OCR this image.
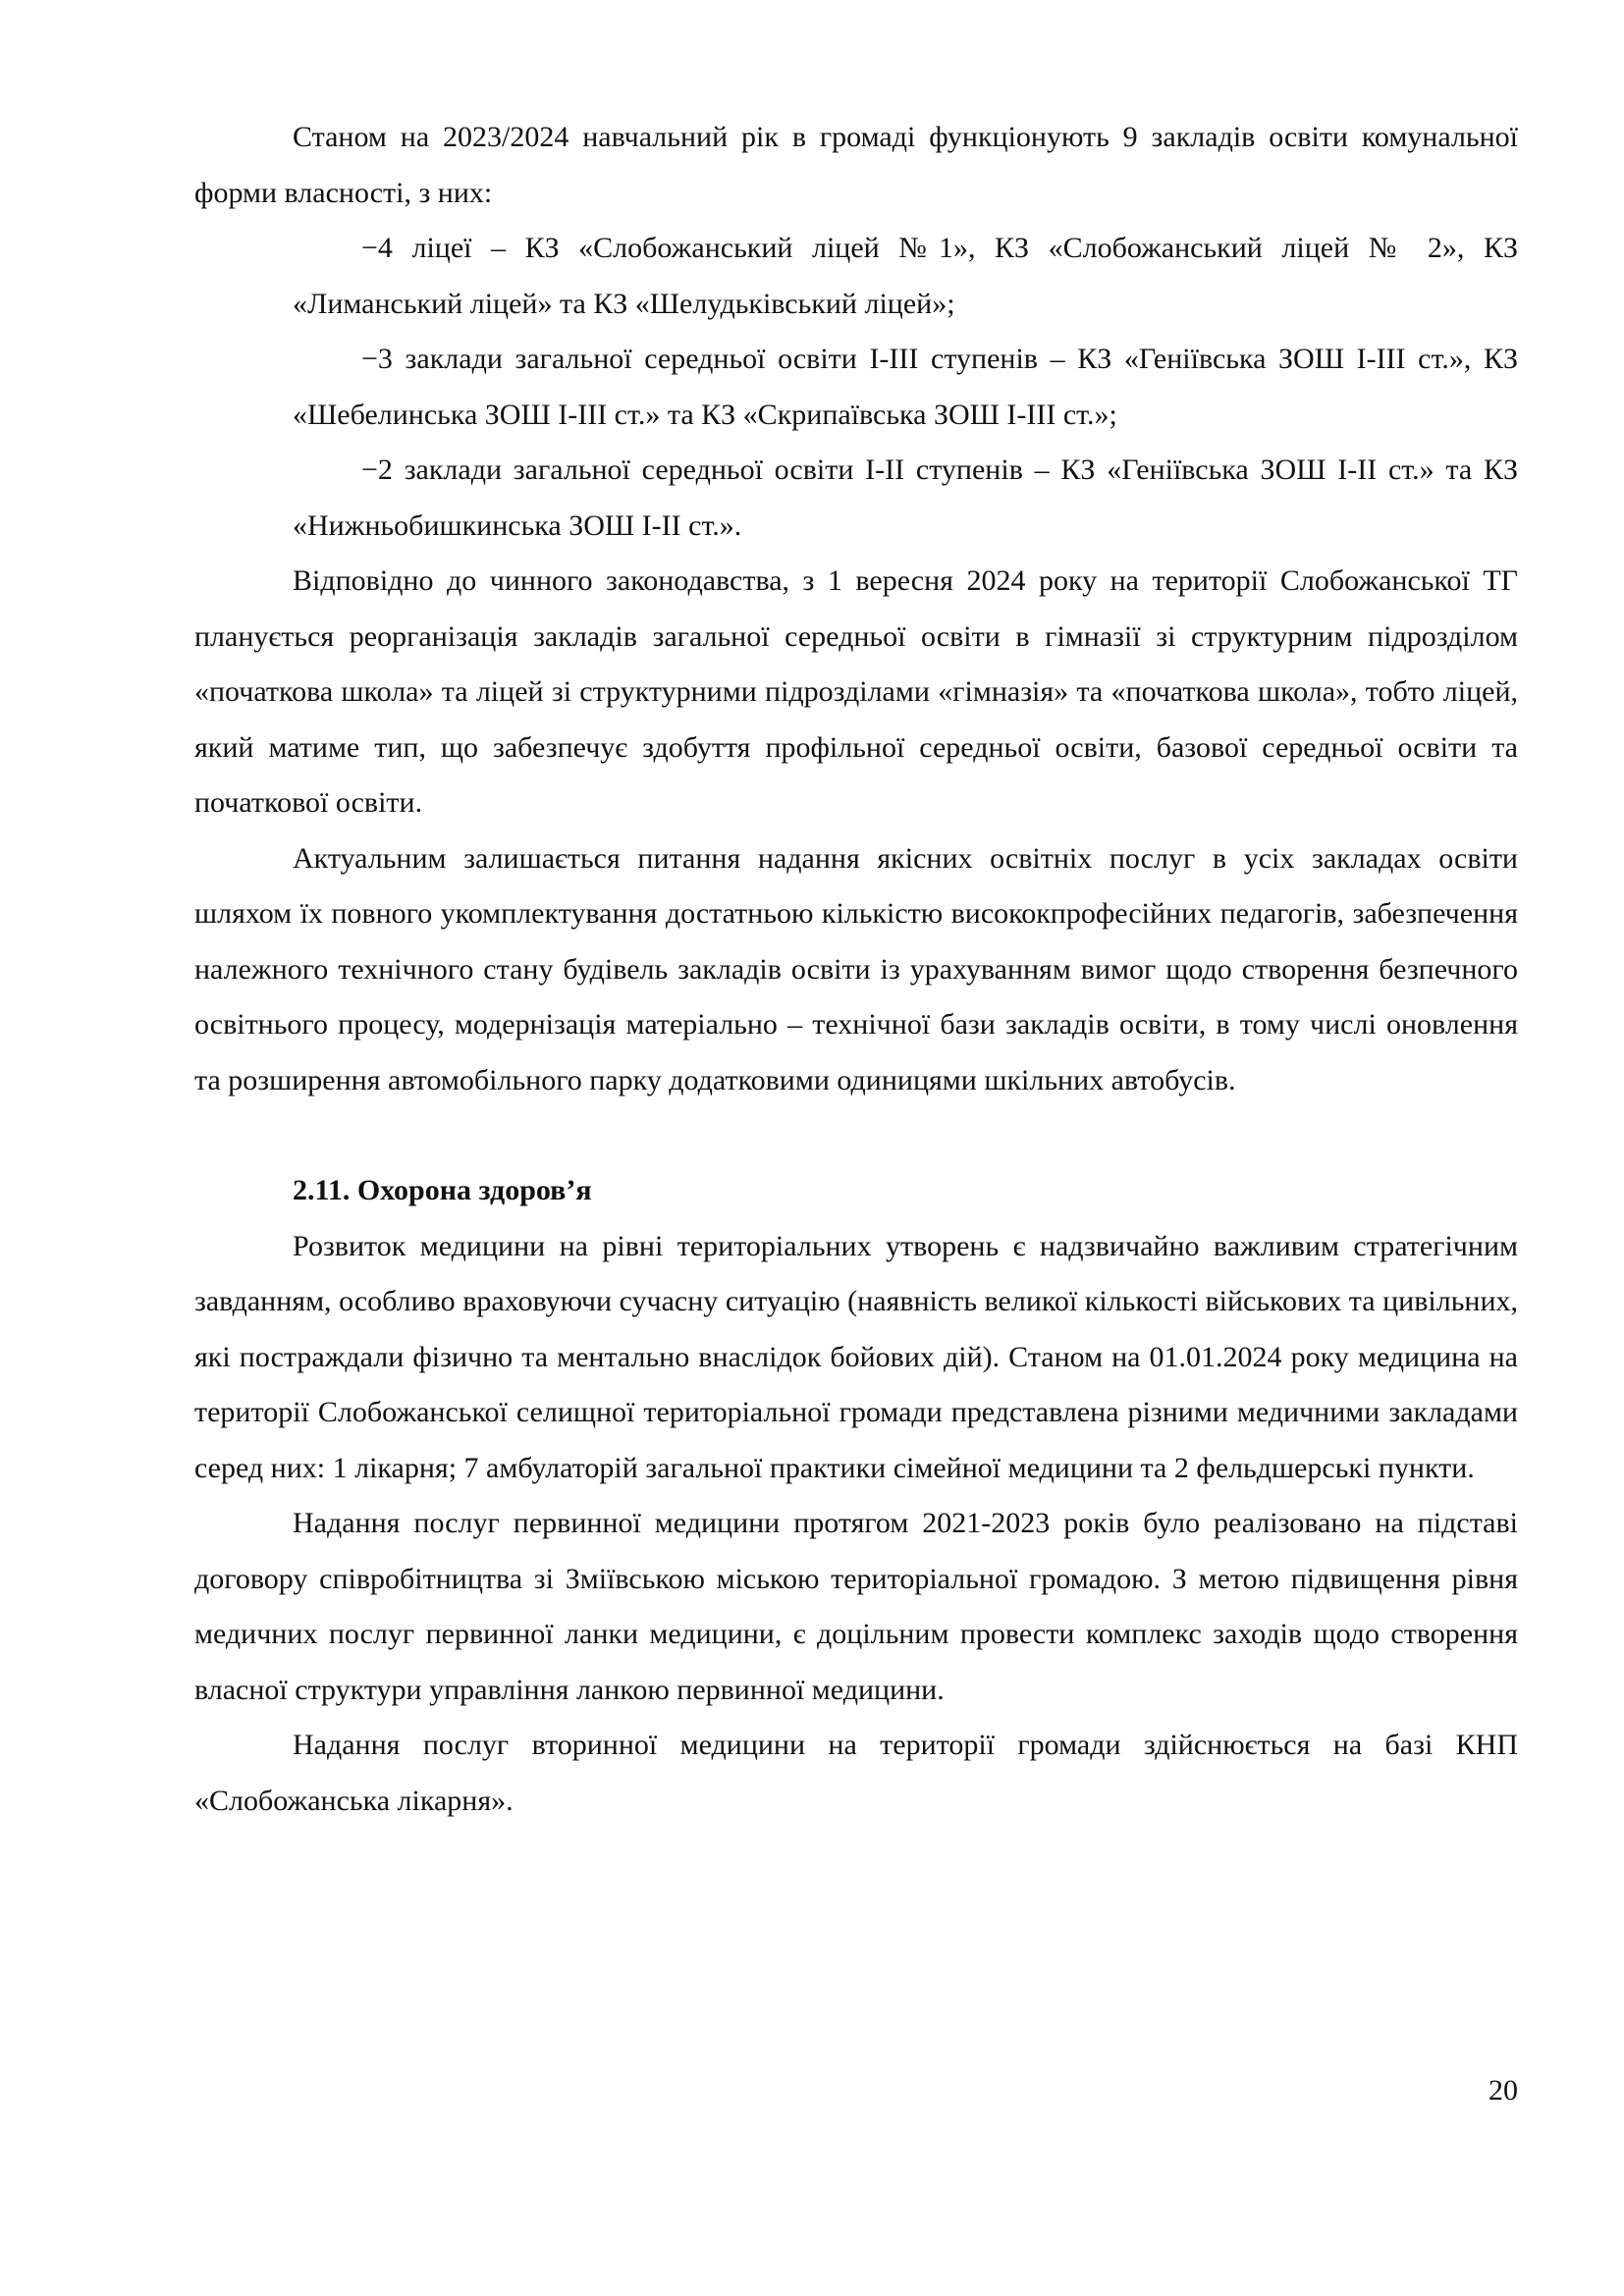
Станом на 2023/2024 навчальний рік в громаді функціонують 9 закладів освіти комунальної форми власності, з них:

−4 ліцеї – КЗ «Слобожанський ліцей №1», КЗ «Слобожанський ліцей № 2», КЗ «Лиманський ліцей» та КЗ «Шелудьківський ліцей»;
−3 заклади загальної середньої освіти І-ІІІ ступенів – КЗ «Геніївська ЗОШ І-ІІІ ст.», КЗ «Шебелинська ЗОШ І-ІІІ ст.» та КЗ «Скрипаївська ЗОШ І-ІІІ ст.»;
−2 заклади загальної середньої освіти І-ІІ ступенів – КЗ «Геніївська ЗОШ І-ІІ ст.» та КЗ «Нижньобишкинська ЗОШ І-ІІ ст.».

Відповідно до чинного законодавства, з 1 вересня 2024 року на території Слобожанської ТГ планується реорганізація закладів загальної середньої освіти в гімназії зі структурним підрозділом «початкова школа» та ліцей зі структурними підрозділами «гімназія» та «початкова школа», тобто ліцей, який матиме тип, що забезпечує здобуття профільної середньої освіти, базової середньої освіти та початкової освіти.

Актуальним залишається питання надання якісних освітніх послуг в усіх закладах освіти шляхом їх повного укомплектування достатньою кількістю висококпрофесійних педагогів, забезпечення належного технічного стану будівель закладів освіти із урахуванням вимог щодо створення безпечного освітнього процесу, модернізація матеріально – технічної бази закладів освіти, в тому числі оновлення та розширення автомобільного парку додатковими одиницями шкільних автобусів.

2.11. Охорона здоров’я

Розвиток медицини на рівні територіальних утворень є надзвичайно важливим стратегічним завданням, особливо враховуючи сучасну ситуацію (наявність великої кількості військових та цивільних, які постраждали фізично та ментально внаслідок бойових дій). Станом на 01.01.2024 року медицина на території Слобожанської селищної територіальної громади представлена різними медичними закладами серед них: 1 лікарня; 7 амбулаторій загальної практики сімейної медицини та 2 фельдшерські пункти.

Надання послуг первинної медицини протягом 2021-2023 років було реалізовано на підставі договору співробітництва зі Зміївською міською територіальної громадою. З метою підвищення рівня медичних послуг первинної ланки медицини, є доцільним провести комплекс заходів щодо створення власної структури управління ланкою первинної медицини.

Надання послуг вторинної медицини на території громади здійснюється на базі КНП «Слобожанська лікарня».

20
